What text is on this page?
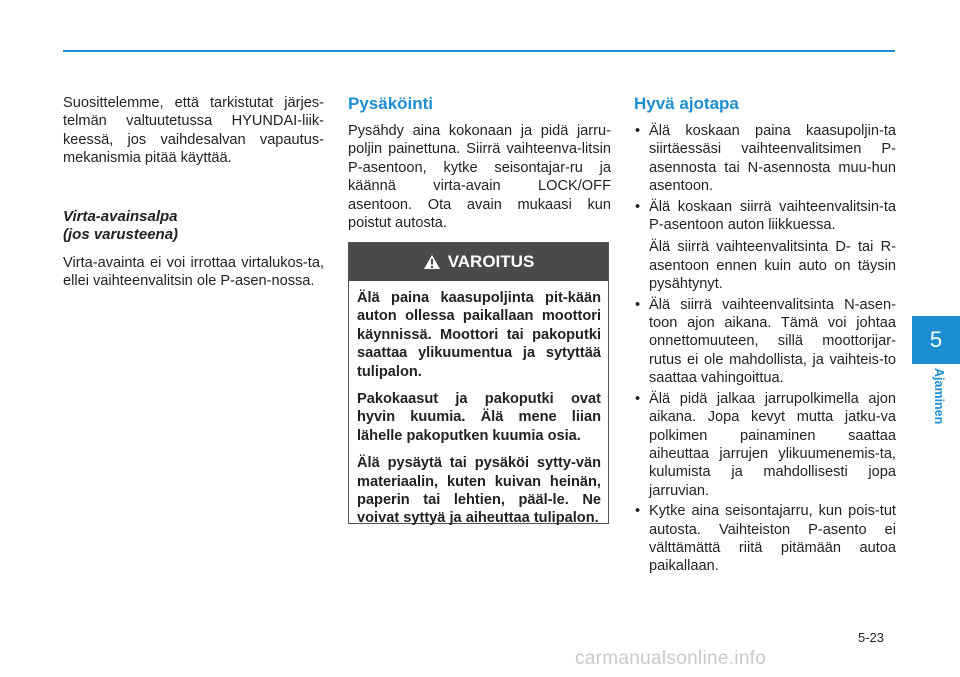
Suosittelemme, että tarkistutat järjes-telmän valtuutetussa HYUNDAI-liik-keessä, jos vaihdesalvan vapautus-mekanismia pitää käyttää.

Virta-avainsalpa
(jos varusteena)

Virta-avainta ei voi irrottaa virtalukos-ta, ellei vaihteenvalitsin ole P-asen-nossa.

Pysäköinti

Pysähdy aina kokonaan ja pidä jarru-poljin painettuna. Siirrä vaihteenva-litsin P-asentoon, kytke seisontajar-ru ja käännä virta-avain LOCK/OFF asentoon. Ota avain mukaasi kun poistut autosta.

VAROITUS

Älä paina kaasupoljinta pit-kään auton ollessa paikallaan moottori käynnissä. Moottori tai pakoputki saattaa ylikuumentua ja sytyttää tulipalon.

Pakokaasut ja pakoputki ovat hyvin kuumia. Älä mene liian lähelle pakoputken kuumia osia.

Älä pysäytä tai pysäköi sytty-vän materiaalin, kuten kuivan heinän, paperin tai lehtien, pääl-le. Ne voivat syttyä ja aiheuttaa tulipalon.

Hyvä ajotapa
• Älä koskaan paina kaasupoljin-ta siirtäessäsi vaihteenvalitsimen P-asennosta tai N-asennosta muu-hun asentoon.
• Älä koskaan siirrä vaihteenvalitsin-ta P-asentoon auton liikkuessa.

Älä siirrä vaihteenvalitsinta D- tai R-asentoon ennen kuin auto on täysin pysähtynyt.

• Älä siirrä vaihteenvalitsinta N-asen-toon ajon aikana. Tämä voi johtaa onnettomuuteen, sillä moottorijar-rutus ei ole mahdollista, ja vaihteis-to saattaa vahingoittua.
• Älä pidä jalkaa jarrupolkimella ajon aikana. Jopa kevyt mutta jatku-va polkimen painaminen saattaa aiheuttaa jarrujen ylikuumenemis-ta, kulumista ja mahdollisesti jopa jarruvian.
• Kytke aina seisontajarru, kun pois-tut autosta. Vaihteiston P-asento ei välttämättä riitä pitämään autoa paikallaan.
5
Ajaminen
5-23
carmanualsonline.info
